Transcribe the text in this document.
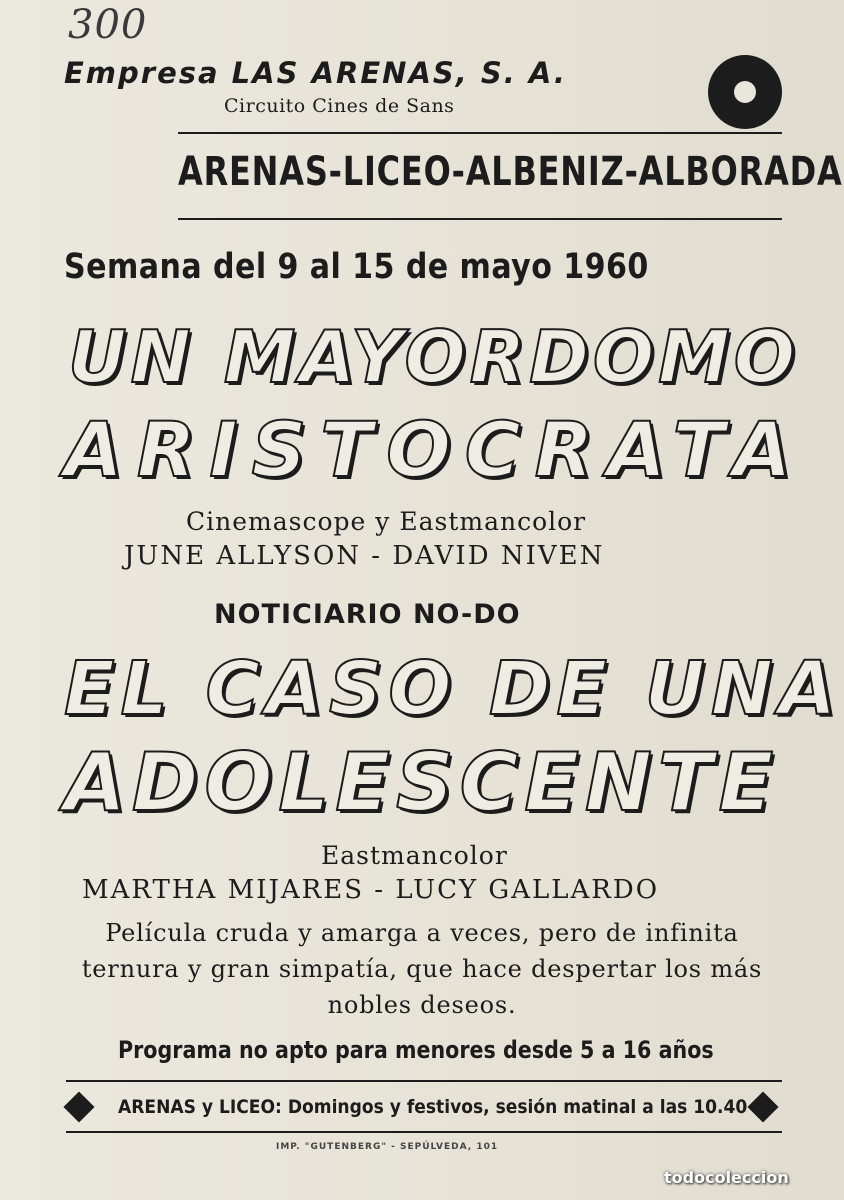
300
Empresa LAS ARENAS, S. A.
Circuito Cines de Sans
ARENAS - LICEO - ALBENIZ - ALBORADA
Semana del 9 al 15 de mayo 1960
UN MAYORDOMO
ARISTOCRATA
Cinemascope y Eastmancolor
JUNE ALLYSON - DAVID NIVEN
NOTICIARIO NO-DO
EL CASO DE UNA
ADOLESCENTE
Eastmancolor
MARTHA MIJARES - LUCY GALLARDO
Película cruda y amarga a veces, pero de infinita ternura y gran simpatía, que hace despertar los más nobles deseos.
Programa no apto para menores desde 5 a 16 años
ARENAS y LICEO: Domingos y festivos, sesión matinal a las 10.40
IMP. "GUTENBERG" - SEPÚLVEDA, 101
todocoleccion
